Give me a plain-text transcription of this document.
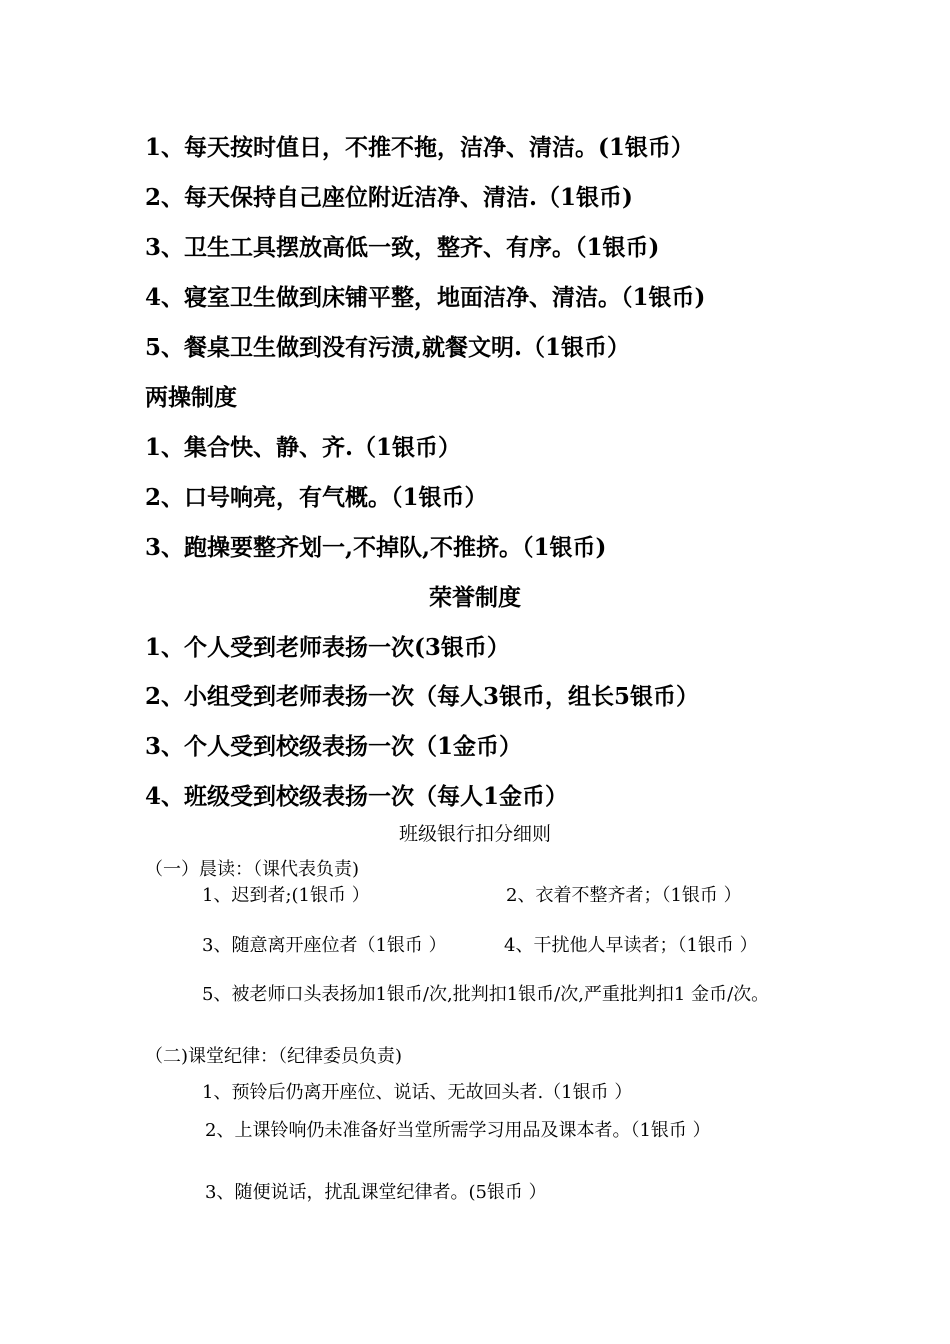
1、每天按时值日，不推不拖，洁净、清洁。(1银币）
2、每天保持自己座位附近洁净、清洁.（1银币)
3、卫生工具摆放高低一致，整齐、有序。（1银币)
4、寝室卫生做到床铺平整，地面洁净、清洁。（1银币)
5、餐桌卫生做到没有污渍,就餐文明.（1银币）
两操制度
1、集合快、静、齐.（1银币）
2、口号响亮，有气概。（1银币）
3、跑操要整齐划一,不掉队,不推挤。（1银币)
荣誉制度
1、个人受到老师表扬一次(3银币）
2、小组受到老师表扬一次（每人3银币，组长5银币）
3、个人受到校级表扬一次（1金币）
4、班级受到校级表扬一次（每人1金币）
班级银行扣分细则
（一）晨读：（课代表负责)
1、迟到者;(1银币 ）	2、衣着不整齐者；（1银币 ）
3、随意离开座位者（1银币 ）	4、干扰他人早读者；（1银币 ）
5、被老师口头表扬加1银币/次,批判扣1银币/次,严重批判扣1 金币/次。
（二)课堂纪律：（纪律委员负责)
1、预铃后仍离开座位、说话、无故回头者.（1银币 ）
2、上课铃响仍未准备好当堂所需学习用品及课本者。（1银币 ）
3、随便说话，扰乱课堂纪律者。(5银币 ）
